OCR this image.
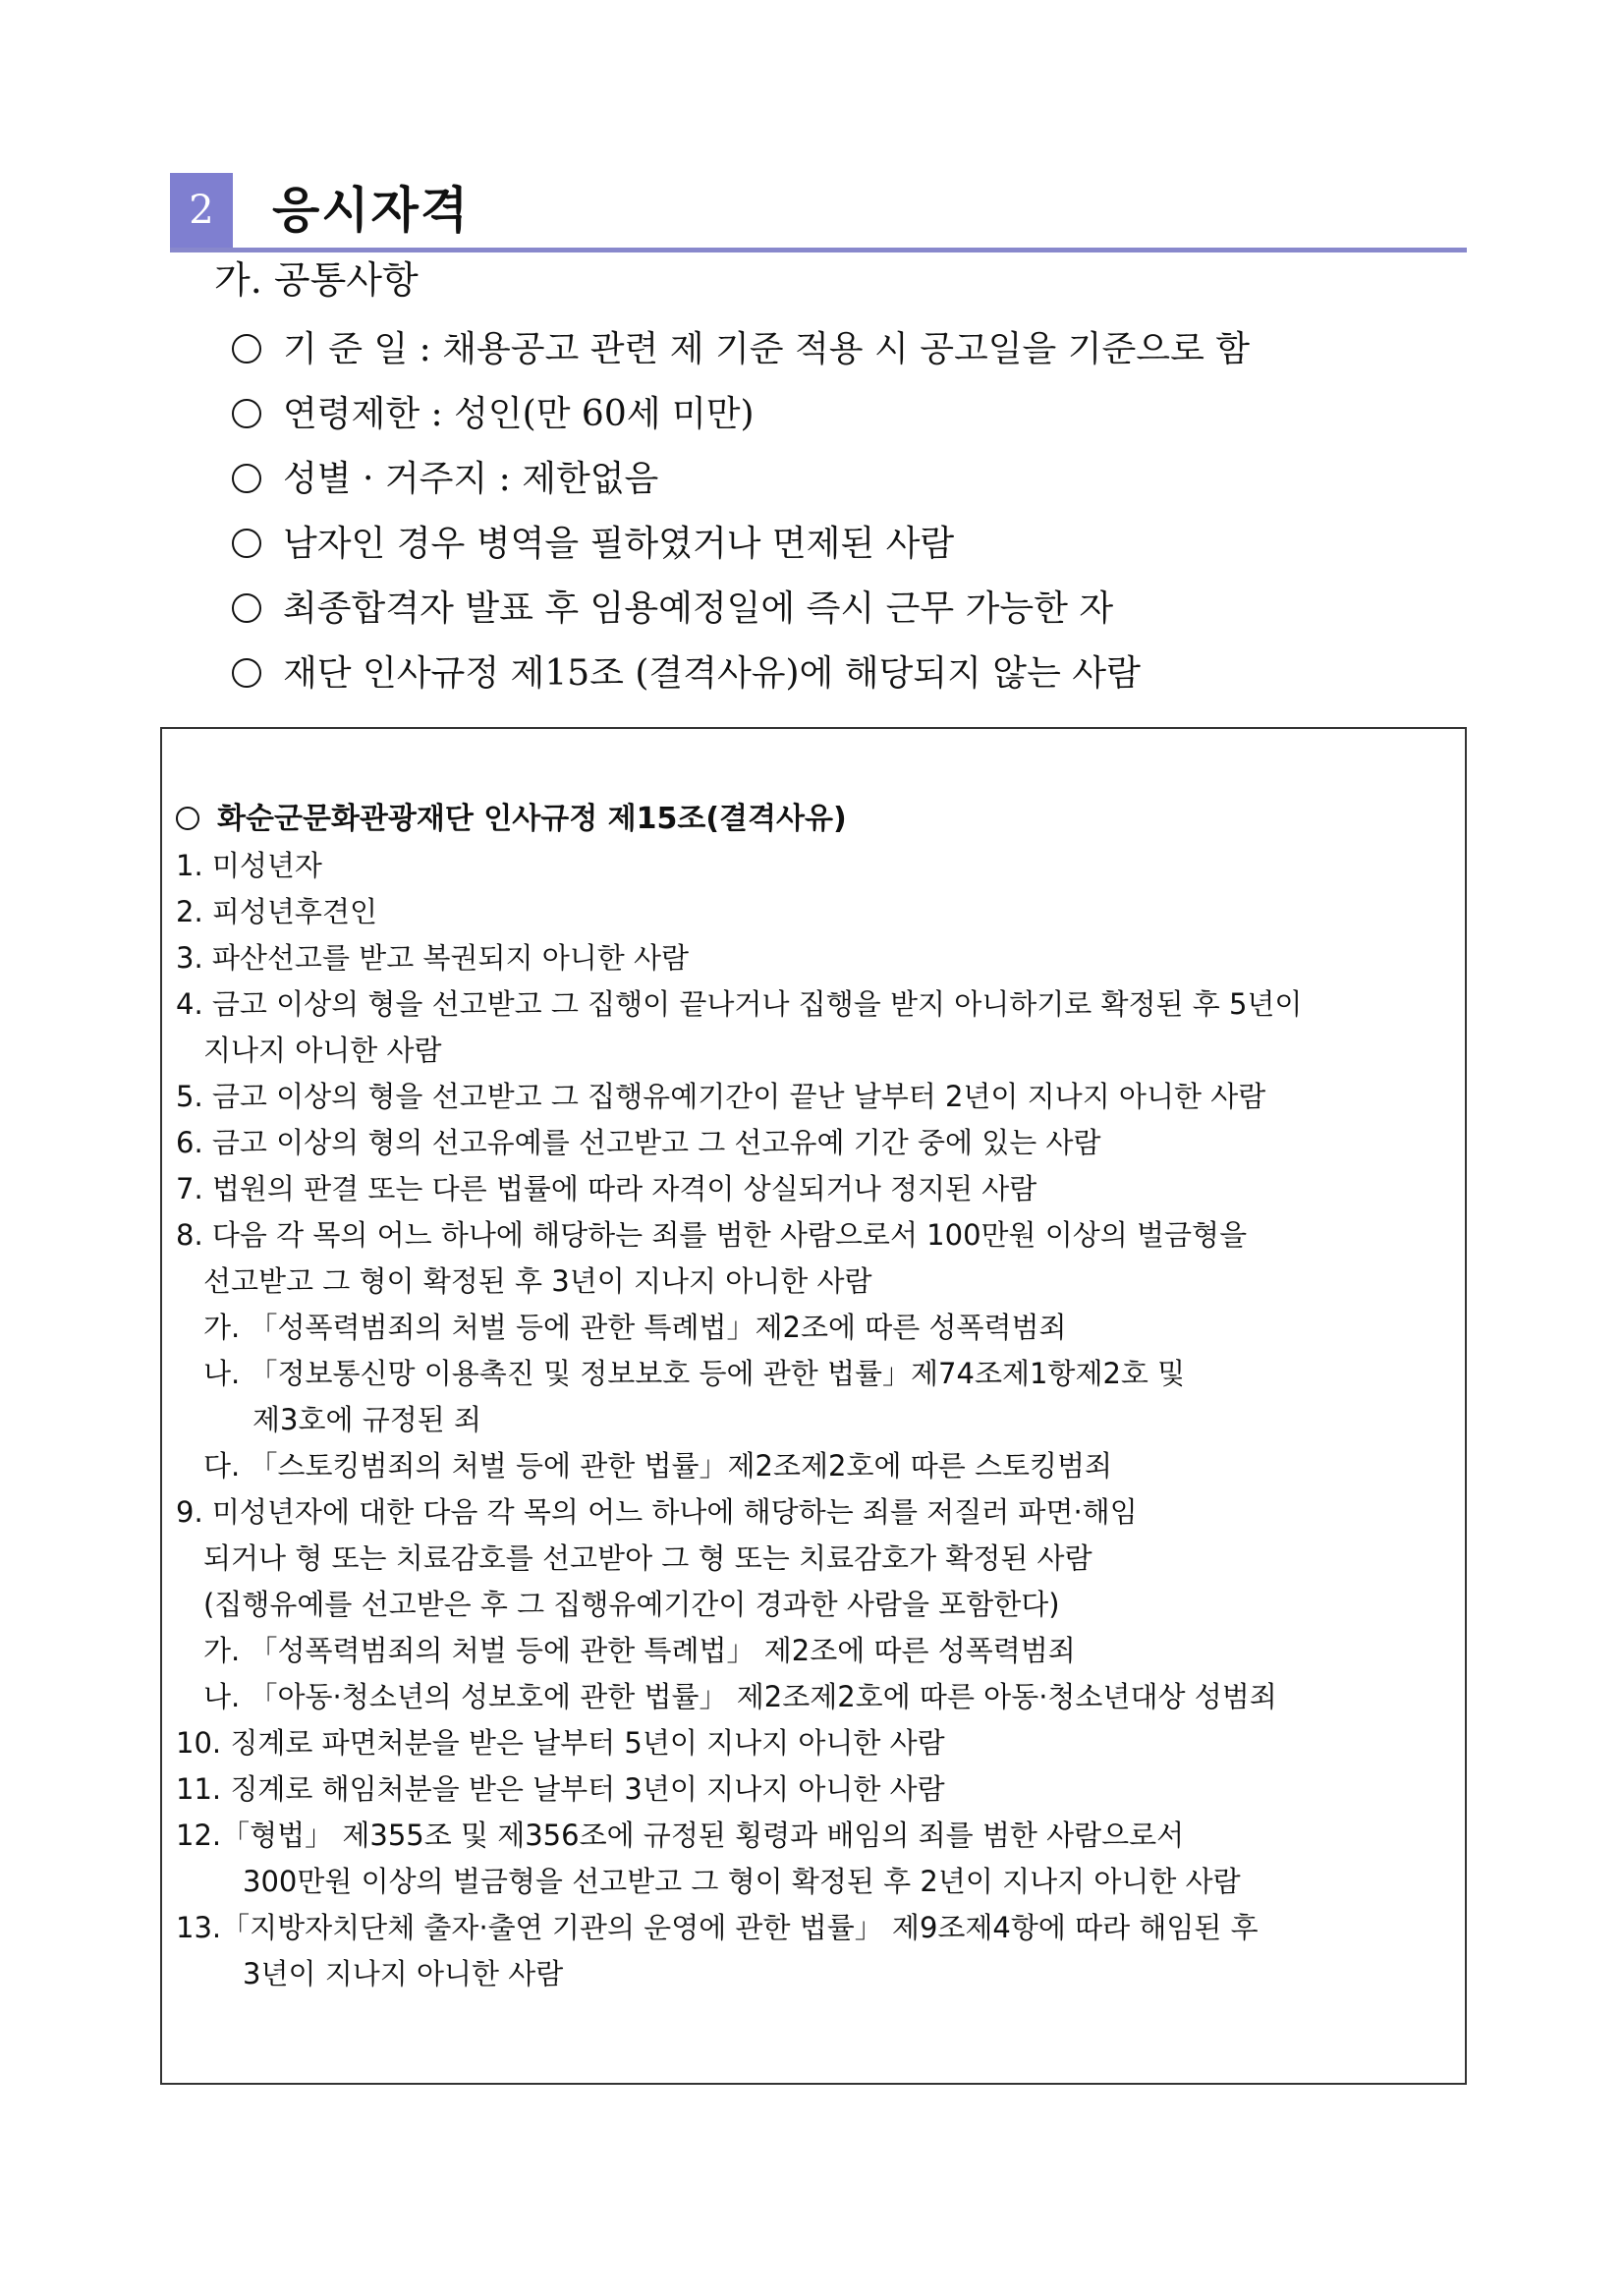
2	응시자격
가. 공통사항
기 준 일 : 채용공고 관련 제 기준 적용 시 공고일을 기준으로 함
연령제한 : 성인(만 60세 미만)
성별 · 거주지 : 제한없음
남자인 경우 병역을 필하였거나 면제된 사람
최종합격자 발표 후 임용예정일에 즉시 근무 가능한 자
재단 인사규정 제15조 (결격사유)에 해당되지 않는 사람
화순군문화관광재단 인사규정 제15조(결격사유)
1. 미성년자
2. 피성년후견인
3. 파산선고를 받고 복권되지 아니한 사람
4. 금고 이상의 형을 선고받고 그 집행이 끝나거나 집행을 받지 아니하기로 확정된 후 5년이
지나지 아니한 사람
5. 금고 이상의 형을 선고받고 그 집행유예기간이 끝난 날부터 2년이 지나지 아니한 사람
6. 금고 이상의 형의 선고유예를 선고받고 그 선고유예 기간 중에 있는 사람
7. 법원의 판결 또는 다른 법률에 따라 자격이 상실되거나 정지된 사람
8. 다음 각 목의 어느 하나에 해당하는 죄를 범한 사람으로서 100만원 이상의 벌금형을
선고받고 그 형이 확정된 후 3년이 지나지 아니한 사람
가. 「성폭력범죄의 처벌 등에 관한 특례법」제2조에 따른 성폭력범죄
나. 「정보통신망 이용촉진 및 정보보호 등에 관한 법률」제74조제1항제2호 및
제3호에 규정된 죄
다. 「스토킹범죄의 처벌 등에 관한 법률」제2조제2호에 따른 스토킹범죄
9. 미성년자에 대한 다음 각 목의 어느 하나에 해당하는 죄를 저질러 파면·해임
되거나 형 또는 치료감호를 선고받아 그 형 또는 치료감호가 확정된 사람
(집행유예를 선고받은 후 그 집행유예기간이 경과한 사람을 포함한다)
가. 「성폭력범죄의 처벌 등에 관한 특례법」 제2조에 따른 성폭력범죄
나. 「아동·청소년의 성보호에 관한 법률」 제2조제2호에 따른 아동·청소년대상 성범죄
10. 징계로 파면처분을 받은 날부터 5년이 지나지 아니한 사람
11. 징계로 해임처분을 받은 날부터 3년이 지나지 아니한 사람
12.「형법」 제355조 및 제356조에 규정된 횡령과 배임의 죄를 범한 사람으로서
300만원 이상의 벌금형을 선고받고 그 형이 확정된 후 2년이 지나지 아니한 사람
13.「지방자치단체 출자·출연 기관의 운영에 관한 법률」 제9조제4항에 따라 해임된 후
3년이 지나지 아니한 사람
